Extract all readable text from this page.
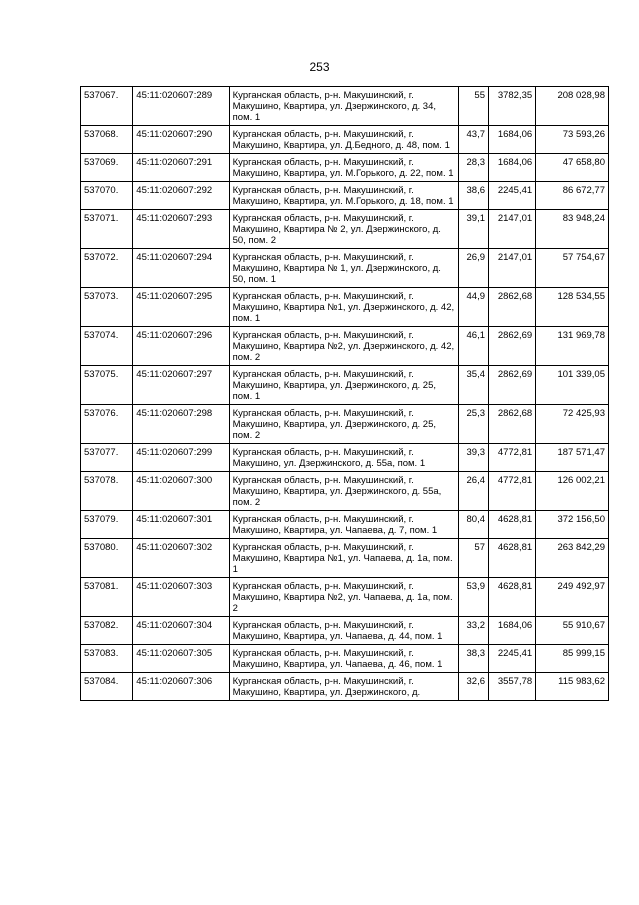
253
537067.	45:11:020607:289	Курганская область, р-н. Макушинский, г. Макушино, Квартира, ул. Дзержинского, д. 34, пом. 1	55	3782,35	208 028,98
537068.	45:11:020607:290	Курганская область, р-н. Макушинский, г. Макушино, Квартира, ул. Д.Бедного, д. 48, пом. 1	43,7	1684,06	73 593,26
537069.	45:11:020607:291	Курганская область, р-н. Макушинский, г. Макушино, Квартира, ул. М.Горького, д. 22, пом. 1	28,3	1684,06	47 658,80
537070.	45:11:020607:292	Курганская область, р-н. Макушинский, г. Макушино, Квартира, ул. М.Горького, д. 18, пом. 1	38,6	2245,41	86 672,77
537071.	45:11:020607:293	Курганская область, р-н. Макушинский, г. Макушино, Квартира № 2, ул. Дзержинского, д. 50, пом. 2	39,1	2147,01	83 948,24
537072.	45:11:020607:294	Курганская область, р-н. Макушинский, г. Макушино, Квартира № 1, ул. Дзержинского, д. 50, пом. 1	26,9	2147,01	57 754,67
537073.	45:11:020607:295	Курганская область, р-н. Макушинский, г. Макушино, Квартира №1, ул. Дзержинского, д. 42, пом. 1	44,9	2862,68	128 534,55
537074.	45:11:020607:296	Курганская область, р-н. Макушинский, г. Макушино, Квартира №2, ул. Дзержинского, д. 42, пом. 2	46,1	2862,69	131 969,78
537075.	45:11:020607:297	Курганская область, р-н. Макушинский, г. Макушино, Квартира, ул. Дзержинского, д. 25, пом. 1	35,4	2862,69	101 339,05
537076.	45:11:020607:298	Курганская область, р-н. Макушинский, г. Макушино, Квартира, ул. Дзержинского, д. 25, пом. 2	25,3	2862,68	72 425,93
537077.	45:11:020607:299	Курганская область, р-н. Макушинский, г. Макушино, ул. Дзержинского, д. 55а, пом. 1	39,3	4772,81	187 571,47
537078.	45:11:020607:300	Курганская область, р-н. Макушинский, г. Макушино, Квартира, ул. Дзержинского, д. 55а, пом. 2	26,4	4772,81	126 002,21
537079.	45:11:020607:301	Курганская область, р-н. Макушинский, г. Макушино, Квартира, ул. Чапаева, д. 7, пом. 1	80,4	4628,81	372 156,50
537080.	45:11:020607:302	Курганская область, р-н. Макушинский, г. Макушино, Квартира №1, ул. Чапаева, д. 1а, пом. 1	57	4628,81	263 842,29
537081.	45:11:020607:303	Курганская область, р-н. Макушинский, г. Макушино, Квартира №2, ул. Чапаева, д. 1а, пом. 2	53,9	4628,81	249 492,97
537082.	45:11:020607:304	Курганская область, р-н. Макушинский, г. Макушино, Квартира, ул. Чапаева, д. 44, пом. 1	33,2	1684,06	55 910,67
537083.	45:11:020607:305	Курганская область, р-н. Макушинский, г. Макушино, Квартира, ул. Чапаева, д. 46, пом. 1	38,3	2245,41	85 999,15
537084.	45:11:020607:306	Курганская область, р-н. Макушинский, г. Макушино, Квартира, ул. Дзержинского, д.	32,6	3557,78	115 983,62
